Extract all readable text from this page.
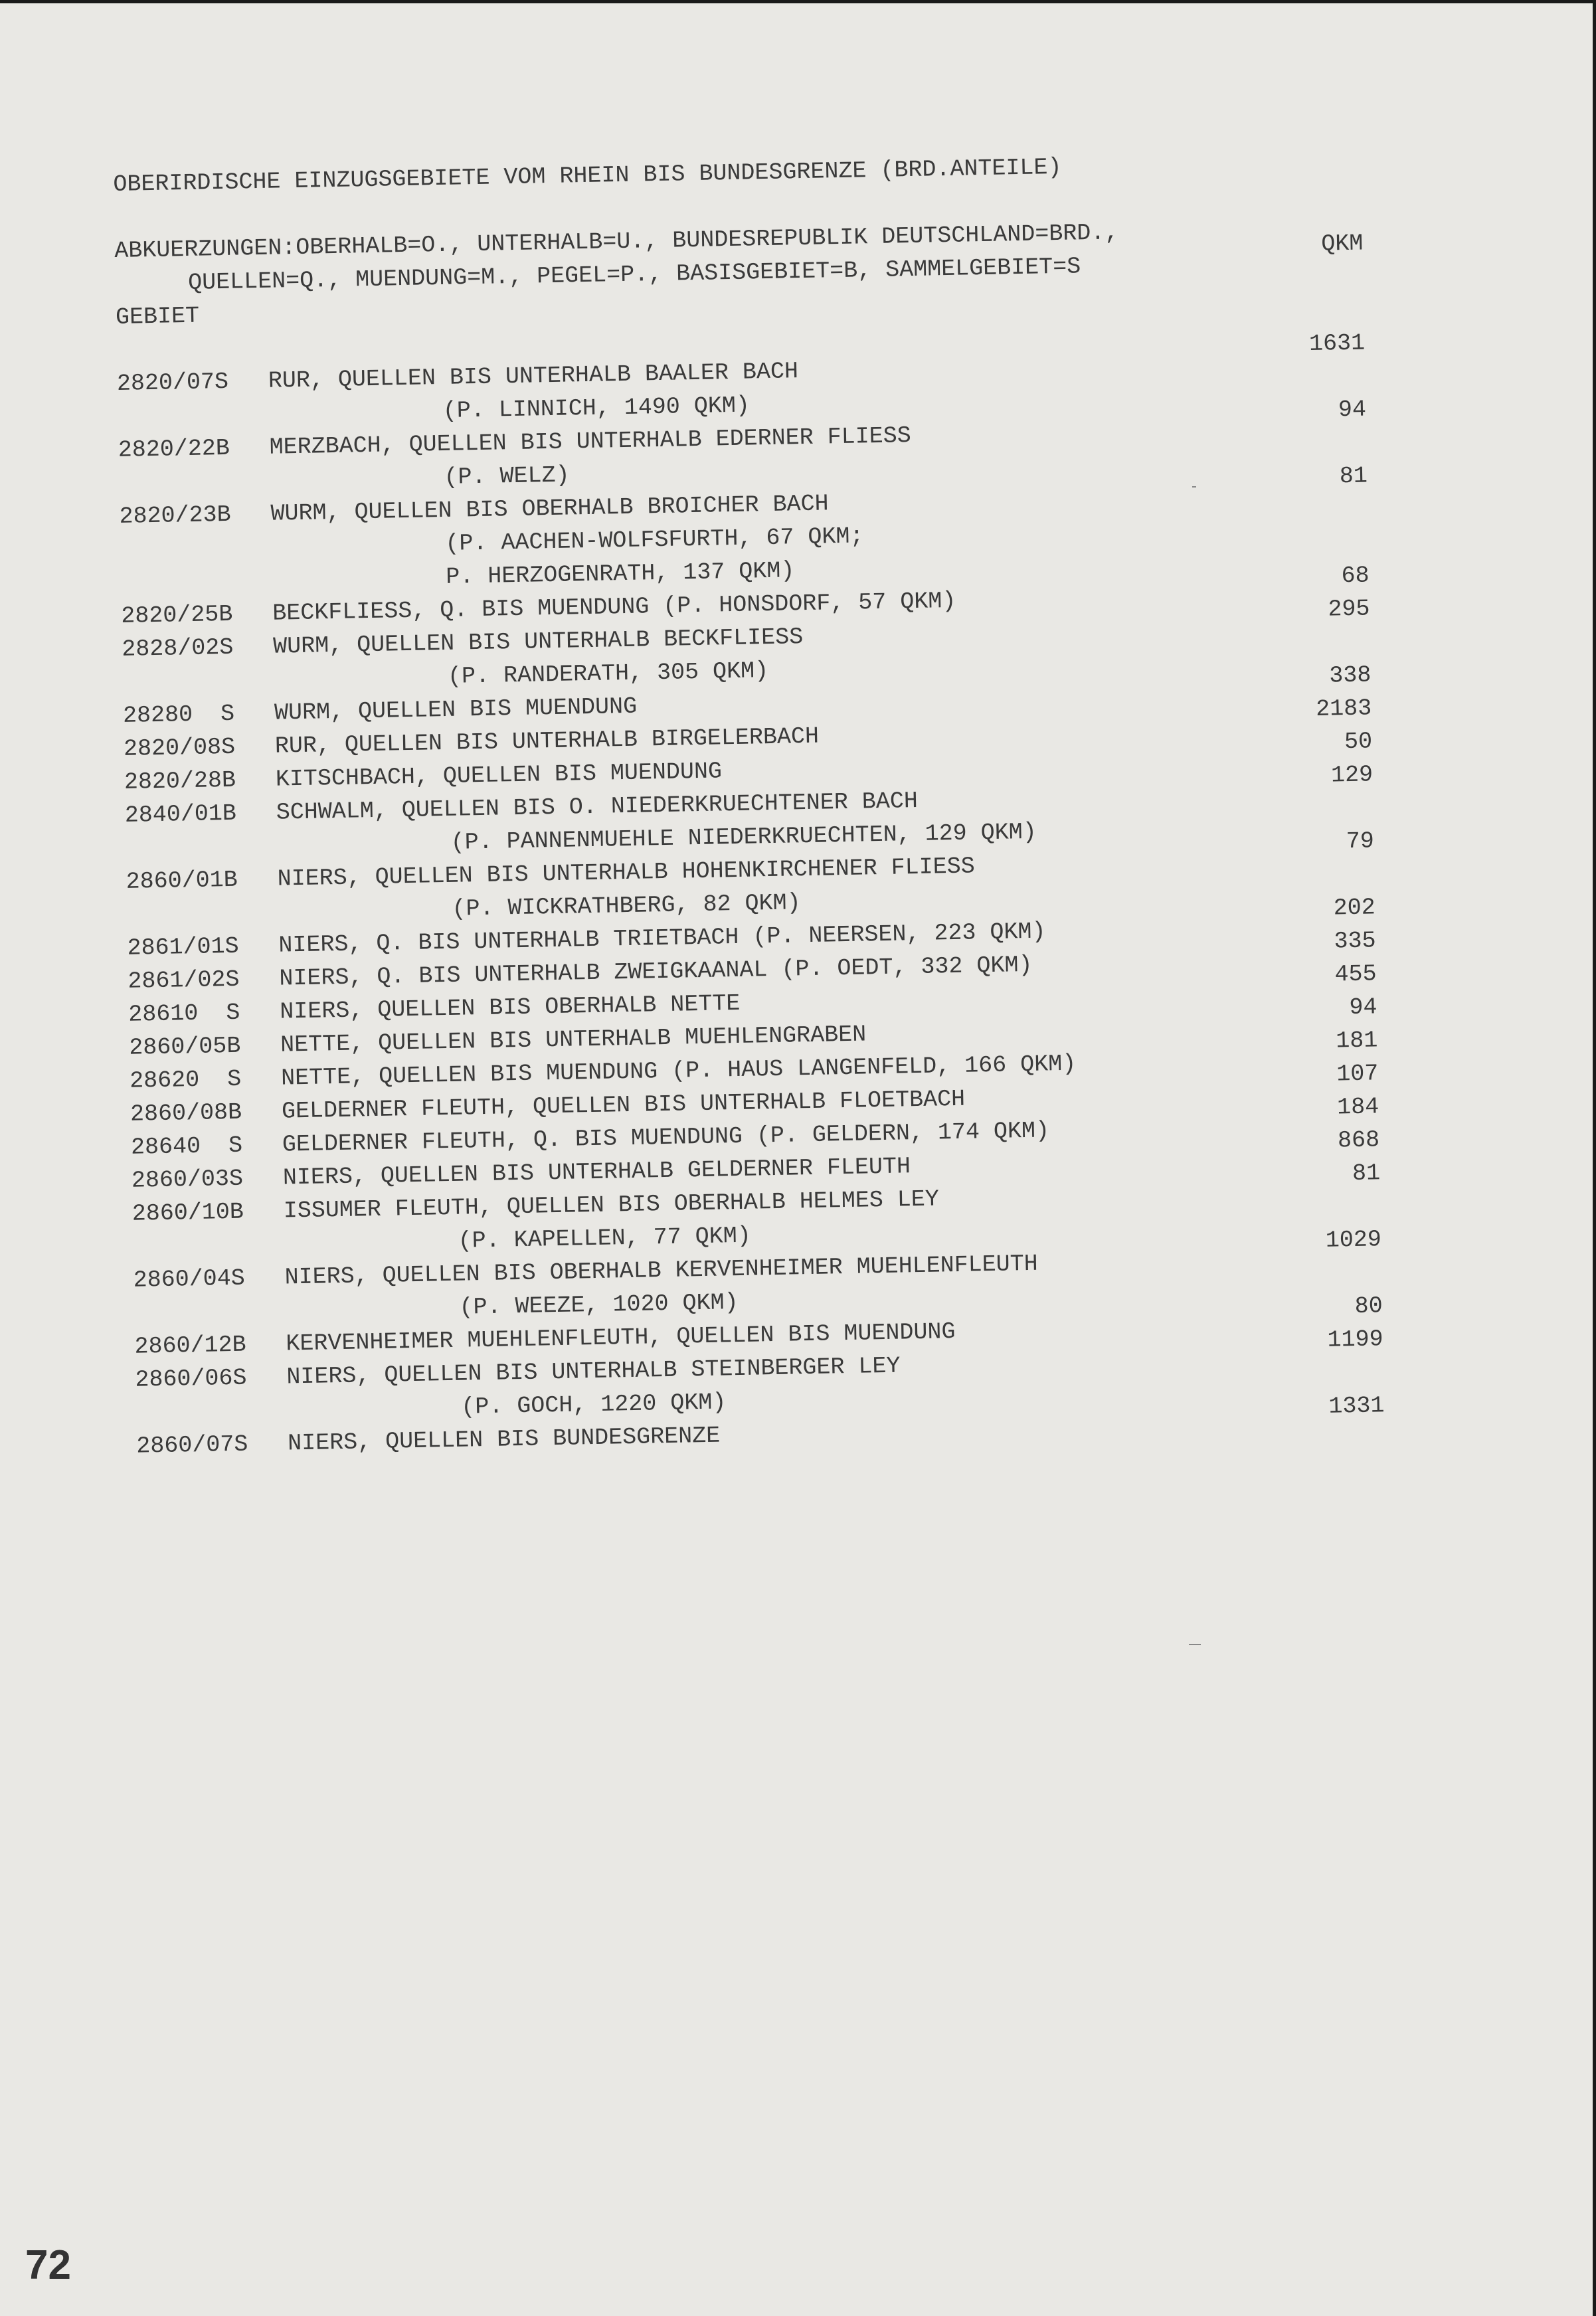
OBERIRDISCHE EINZUGSGEBIETE VOM RHEIN BIS BUNDESGRENZE (BRD.ANTEILE)
ABKUERZUNGEN:OBERHALB=O., UNTERHALB=U., BUNDESREPUBLIK DEUTSCHLAND=BRD.,

QUELLEN=Q., MUENDUNG=M., PEGEL=P., BASISGEBIET=B, SAMMELGEBIET=S

QKM

GEBIET
2820/07S RUR, QUELLEN BIS UNTERHALB BAALER BACH
1631
(P. LINNICH, 1490 QKM)
2820/22B MERZBACH, QUELLEN BIS UNTERHALB EDERNER FLIESS
94
(P. WELZ)
2820/23B WURM, QUELLEN BIS OBERHALB BROICHER BACH
81
(P. AACHEN-WOLFSFURTH, 67 QKM;
P. HERZOGENRATH, 137 QKM)
2820/25B BECKFLIESS, Q. BIS MUENDUNG (P. HONSDORF, 57 QKM)
68
2828/02S WURM, QUELLEN BIS UNTERHALB BECKFLIESS
295
(P. RANDERATH, 305 QKM)
28280  S WURM, QUELLEN BIS MUENDUNG
338
2820/08S RUR, QUELLEN BIS UNTERHALB BIRGELERBACH
2183
2820/28B KITSCHBACH, QUELLEN BIS MUENDUNG
50
2840/01B SCHWALM, QUELLEN BIS O. NIEDERKRUECHTENER BACH
129
(P. PANNENMUEHLE NIEDERKRUECHTEN, 129 QKM)
2860/01B NIERS, QUELLEN BIS UNTERHALB HOHENKIRCHENER FLIESS
79
(P. WICKRATHBERG, 82 QKM)
2861/01S NIERS, Q. BIS UNTERHALB TRIETBACH (P. NEERSEN, 223 QKM)
202
2861/02S NIERS, Q. BIS UNTERHALB ZWEIGKAANAL (P. OEDT, 332 QKM)
335
28610  S NIERS, QUELLEN BIS OBERHALB NETTE
455
2860/05B NETTE, QUELLEN BIS UNTERHALB MUEHLENGRABEN
94
28620  S NETTE, QUELLEN BIS MUENDUNG (P. HAUS LANGENFELD, 166 QKM)
181
2860/08B GELDERNER FLEUTH, QUELLEN BIS UNTERHALB FLOETBACH
107
28640  S GELDERNER FLEUTH, Q. BIS MUENDUNG (P. GELDERN, 174 QKM)
184
2860/03S NIERS, QUELLEN BIS UNTERHALB GELDERNER FLEUTH
868
2860/10B ISSUMER FLEUTH, QUELLEN BIS OBERHALB HELMES LEY
81
(P. KAPELLEN, 77 QKM)
2860/04S NIERS, QUELLEN BIS OBERHALB KERVENHEIMER MUEHLENFLEUTH
1029
(P. WEEZE, 1020 QKM)
2860/12B KERVENHEIMER MUEHLENFLEUTH, QUELLEN BIS MUENDUNG
80
2860/06S NIERS, QUELLEN BIS UNTERHALB STEINBERGER LEY
1199
(P. GOCH, 1220 QKM)
2860/07S NIERS, QUELLEN BIS BUNDESGRENZE
1331
72
